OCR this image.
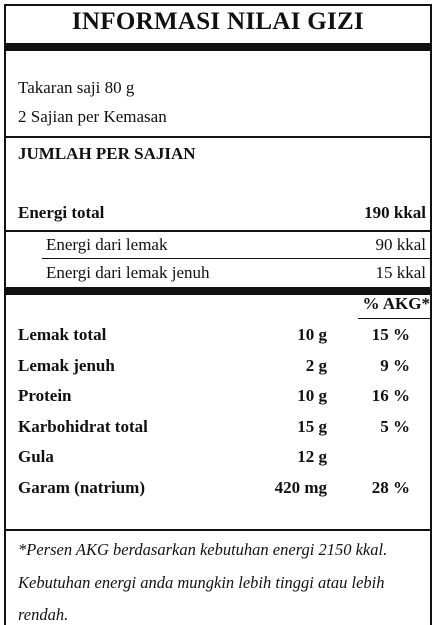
INFORMASI NILAI GIZI
Takaran saji 80 g
2 Sajian per Kemasan
JUMLAH PER SAJIAN
Energi total	190 kkal
Energi dari lemak	90 kkal
Energi dari lemak jenuh	15 kkal
% AKG*
Lemak total	10 g	15 %
Lemak jenuh	2 g	9 %
Protein	10 g	16 %
Karbohidrat total	15 g	5 %
Gula	12 g
Garam (natrium)	420 mg	28 %
*Persen AKG berdasarkan kebutuhan energi 2150 kkal.
Kebutuhan energi anda mungkin lebih tinggi atau lebih
rendah.
